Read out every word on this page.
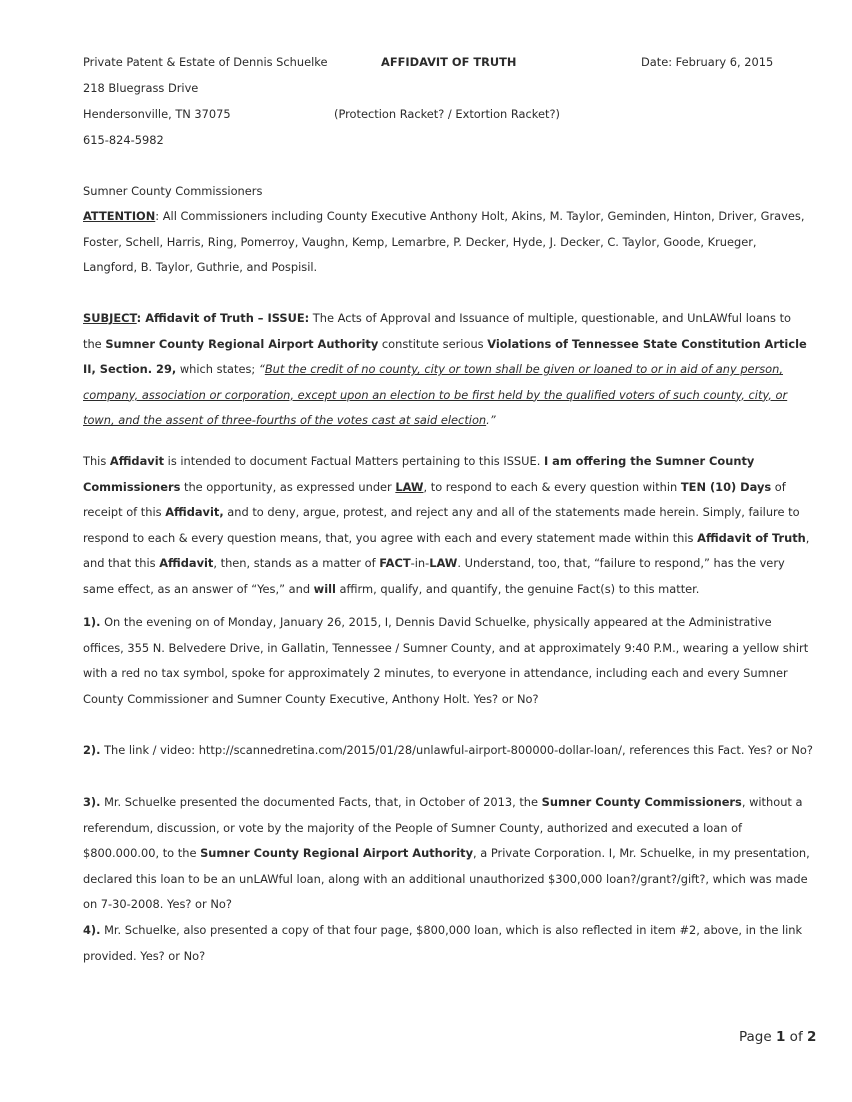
Private Patent & Estate of Dennis Schuelke
218 Bluegrass Drive
Hendersonville, TN 37075
615-824-5982
AFFIDAVIT OF TRUTH
(Protection Racket? / Extortion Racket?)
Date: February 6, 2015
Sumner County Commissioners
ATTENTION: All Commissioners including County Executive Anthony Holt, Akins, M. Taylor, Geminden, Hinton, Driver, Graves, Foster, Schell, Harris, Ring, Pomerroy, Vaughn, Kemp, Lemarbre, P. Decker, Hyde, J. Decker, C. Taylor, Goode, Krueger, Langford, B. Taylor, Guthrie, and Pospisil.
SUBJECT: Affidavit of Truth – ISSUE: The Acts of Approval and Issuance of multiple, questionable, and UnLAWful loans to the Sumner County Regional Airport Authority constitute serious Violations of Tennessee State Constitution Article II, Section. 29, which states; “But the credit of no county, city or town shall be given or loaned to or in aid of any person, company, association or corporation, except upon an election to be first held by the qualified voters of such county, city, or town, and the assent of three-fourths of the votes cast at said election.”
This Affidavit is intended to document Factual Matters pertaining to this ISSUE. I am offering the Sumner County Commissioners the opportunity, as expressed under LAW, to respond to each & every question within TEN (10) Days of receipt of this Affidavit, and to deny, argue, protest, and reject any and all of the statements made herein. Simply, failure to respond to each & every question means, that, you agree with each and every statement made within this Affidavit of Truth, and that this Affidavit, then, stands as a matter of FACT-in-LAW. Understand, too, that, “failure to respond,” has the very same effect, as an answer of “Yes,” and will affirm, qualify, and quantify, the genuine Fact(s) to this matter.
1). On the evening on of Monday, January 26, 2015, I, Dennis David Schuelke, physically appeared at the Administrative offices, 355 N. Belvedere Drive, in Gallatin, Tennessee / Sumner County, and at approximately 9:40 P.M., wearing a yellow shirt with a red no tax symbol, spoke for approximately 2 minutes, to everyone in attendance, including each and every Sumner County Commissioner and Sumner County Executive, Anthony Holt. Yes? or No?
2). The link / video: http://scannedretina.com/2015/01/28/unlawful-airport-800000-dollar-loan/, references this Fact. Yes? or No?
3). Mr. Schuelke presented the documented Facts, that, in October of 2013, the Sumner County Commissioners, without a referendum, discussion, or vote by the majority of the People of Sumner County, authorized and executed a loan of $800.000.00, to the Sumner County Regional Airport Authority, a Private Corporation. I, Mr. Schuelke, in my presentation, declared this loan to be an unLAWful loan, along with an additional unauthorized $300,000 loan?/grant?/gift?, which was made on 7-30-2008. Yes? or No?
4). Mr. Schuelke, also presented a copy of that four page, $800,000 loan, which is also reflected in item #2, above, in the link provided. Yes? or No?
Page 1 of 2
